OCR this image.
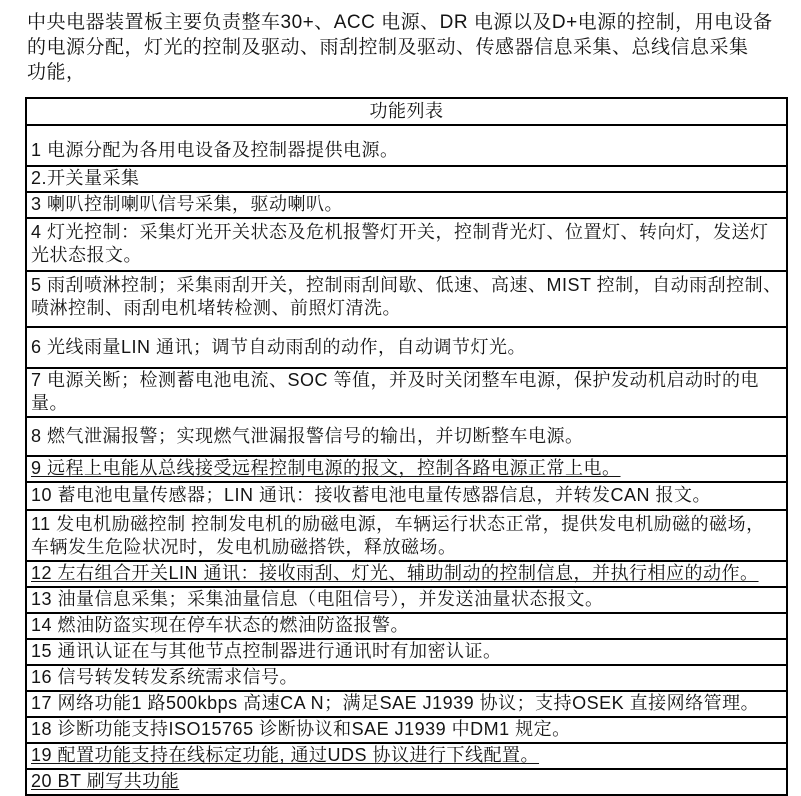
中央电器装置板主要负责整车30+、ACC 电源、DR 电源以及D+电源的控制，用电设备
的电源分配，灯光的控制及驱动、雨刮控制及驱动、传感器信息采集、总线信息采集
功能，
功能列表
1 电源分配为各用电设备及控制器提供电源。
2.开关量采集
3 喇叭控制喇叭信号采集，驱动喇叭。
4 灯光控制：采集灯光开关状态及危机报警灯开关，控制背光灯、位置灯、转向灯，发送灯光状态报文。
5 雨刮喷淋控制；采集雨刮开关，控制雨刮间歇、低速、高速、MIST 控制，自动雨刮控制、喷淋控制、雨刮电机堵转检测、前照灯清洗。
6 光线雨量LIN 通讯；调节自动雨刮的动作，自动调节灯光。
7 电源关断；检测蓄电池电流、SOC 等值，并及时关闭整车电源，保护发动机启动时的电量。
8 燃气泄漏报警；实现燃气泄漏报警信号的输出，并切断整车电源。
9 远程上电能从总线接受远程控制电源的报文，控制各路电源正常上电。
10 蓄电池电量传感器；LIN 通讯：接收蓄电池电量传感器信息，并转发CAN 报文。
11 发电机励磁控制 控制发电机的励磁电源，车辆运行状态正常，提供发电机励磁的磁场，车辆发生危险状况时，发电机励磁搭铁，释放磁场。
12 左右组合开关LIN 通讯：接收雨刮、灯光、辅助制动的控制信息，并执行相应的动作。
13 油量信息采集；采集油量信息（电阻信号），并发送油量状态报文。
14 燃油防盗实现在停车状态的燃油防盗报警。
15 通讯认证在与其他节点控制器进行通讯时有加密认证。
16 信号转发转发系统需求信号。
17 网络功能1 路500kbps 高速CA N；满足SAE J1939 协议；支持OSEK 直接网络管理。
18 诊断功能支持ISO15765 诊断协议和SAE J1939 中DM1 规定。
19 配置功能支持在线标定功能, 通过UDS 协议进行下线配置。
20 BT 刷写共功能
